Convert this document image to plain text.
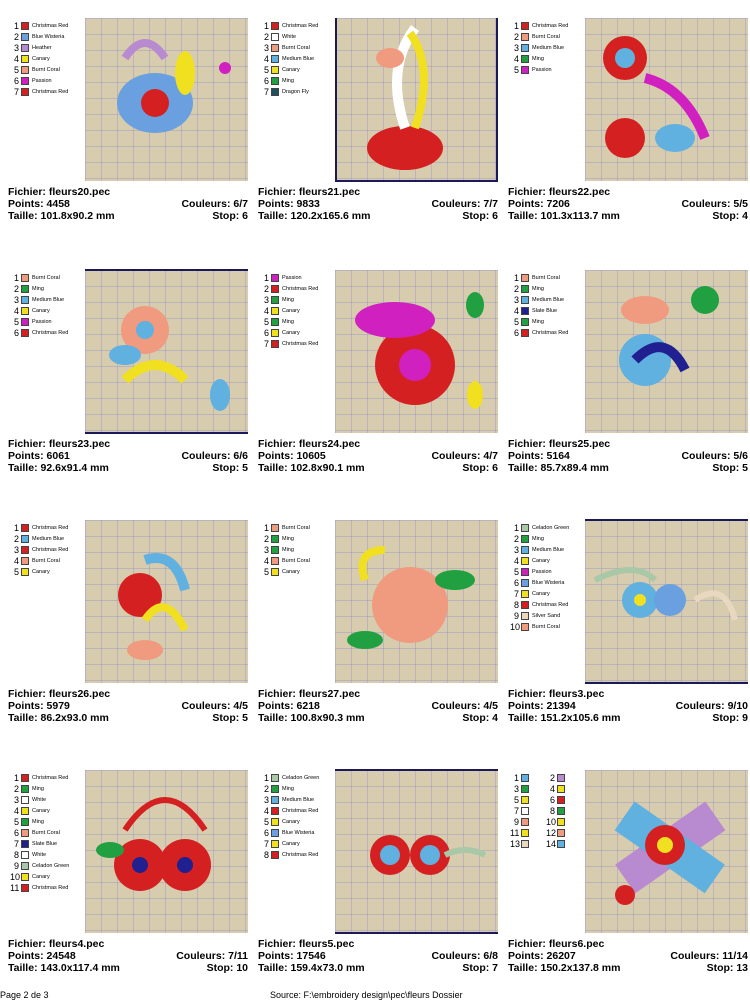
1 Christmas Red
2 Blue Wisteria
3 Heather
4 Canary
5 Burnt Coral
6 Passion
7 Christmas Red
Fichier: fleurs20.pec
Points: 4458	Couleurs: 6/7
Taille: 101.8x90.2 mm	Stop: 6
1 Christmas Red
2 White
3 Burnt Coral
4 Medium Blue
5 Canary
6 Ming
7 Dragon Fly
Fichier: fleurs21.pec
Points: 9833	Couleurs: 7/7
Taille: 120.2x165.6 mm	Stop: 6
1 Christmas Red
2 Burnt Coral
3 Medium Blue
4 Ming
5 Passion
Fichier: fleurs22.pec
Points: 7206	Couleurs: 5/5
Taille: 101.3x113.7 mm	Stop: 4
1 Burnt Coral
2 Ming
3 Medium Blue
4 Canary
5 Passion
6 Christmas Red
Fichier: fleurs23.pec
Points: 6061	Couleurs: 6/6
Taille: 92.6x91.4 mm	Stop: 5
1 Passion
2 Christmas Red
3 Ming
4 Canary
5 Ming
6 Canary
7 Christmas Red
Fichier: fleurs24.pec
Points: 10605	Couleurs: 4/7
Taille: 102.8x90.1 mm	Stop: 6
1 Burnt Coral
2 Ming
3 Medium Blue
4 Slate Blue
5 Ming
6 Christmas Red
Fichier: fleurs25.pec
Points: 5164	Couleurs: 5/6
Taille: 85.7x89.4 mm	Stop: 5
1 Christmas Red
2 Medium Blue
3 Christmas Red
4 Burnt Coral
5 Canary
Fichier: fleurs26.pec
Points: 5979	Couleurs: 4/5
Taille: 86.2x93.0 mm	Stop: 5
1 Burnt Coral
2 Ming
3 Ming
4 Burnt Coral
5 Canary
Fichier: fleurs27.pec
Points: 6218	Couleurs: 4/5
Taille: 100.8x90.3 mm	Stop: 4
1 Celadon Green
2 Ming
3 Medium Blue
4 Canary
5 Passion
6 Blue Wisteria
7 Canary
8 Christmas Red
9 Silver Sand
10 Burnt Coral
Fichier: fleurs3.pec
Points: 21394	Couleurs: 9/10
Taille: 151.2x105.6 mm	Stop: 9
1 Christmas Red
2 Ming
3 White
4 Canary
5 Ming
6 Burnt Coral
7 Slate Blue
8 White
9 Celadon Green
10 Canary
11 Christmas Red
Fichier: fleurs4.pec
Points: 24548	Couleurs: 7/11
Taille: 143.0x117.4 mm	Stop: 10
1 Celadon Green
2 Ming
3 Medium Blue
4 Christmas Red
5 Canary
6 Blue Wisteria
7 Canary
8 Christmas Red
Fichier: fleurs5.pec
Points: 17546	Couleurs: 6/8
Taille: 159.4x73.0 mm	Stop: 7
1	2
3	4
5	6
7	8
9	10
11	12
13	14
Fichier: fleurs6.pec
Points: 26207	Couleurs: 11/14
Taille: 150.2x137.8 mm	Stop: 13
Page 2 de 3	Source: F:\embroidery design\pec\fleurs Dossier
